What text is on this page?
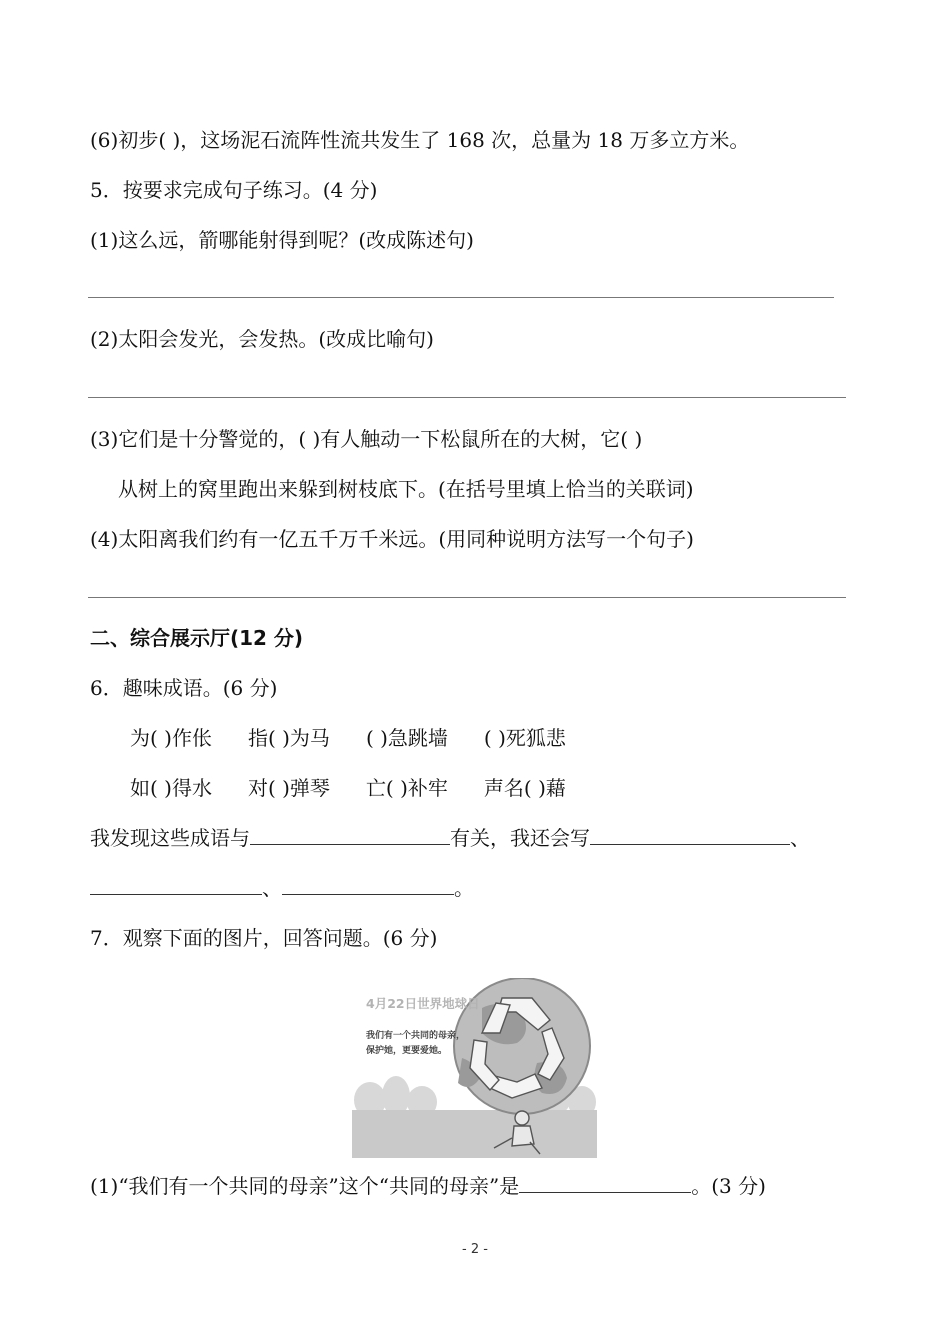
(6)初步( )，这场泥石流阵性流共发生了 168 次，总量为 18 万多立方米。
5．按要求完成句子练习。(4 分)
(1)这么远，箭哪能射得到呢？(改成陈述句)
(2)太阳会发光，会发热。(改成比喻句)
(3)它们是十分警觉的，( )有人触动一下松鼠所在的大树，它( )
从树上的窝里跑出来躲到树枝底下。(在括号里填上恰当的关联词)
(4)太阳离我们约有一亿五千万千米远。(用同种说明方法写一个句子)
二、综合展示厅(12 分)
6．趣味成语。(6 分)
为( )作伥 指( )为马 ( )急跳墙 ( )死狐悲
如( )得水 对( )弹琴 亡( )补牢 声名( )藉
我发现这些成语与	有关，我还会写	、
、	。
7．观察下面的图片，回答问题。(6 分)
4月22日世界地球日
我们有一个共同的母亲，
保护她，更要爱她。
(1)“我们有一个共同的母亲”这个“共同的母亲”是	。(3 分)
- 2 -
